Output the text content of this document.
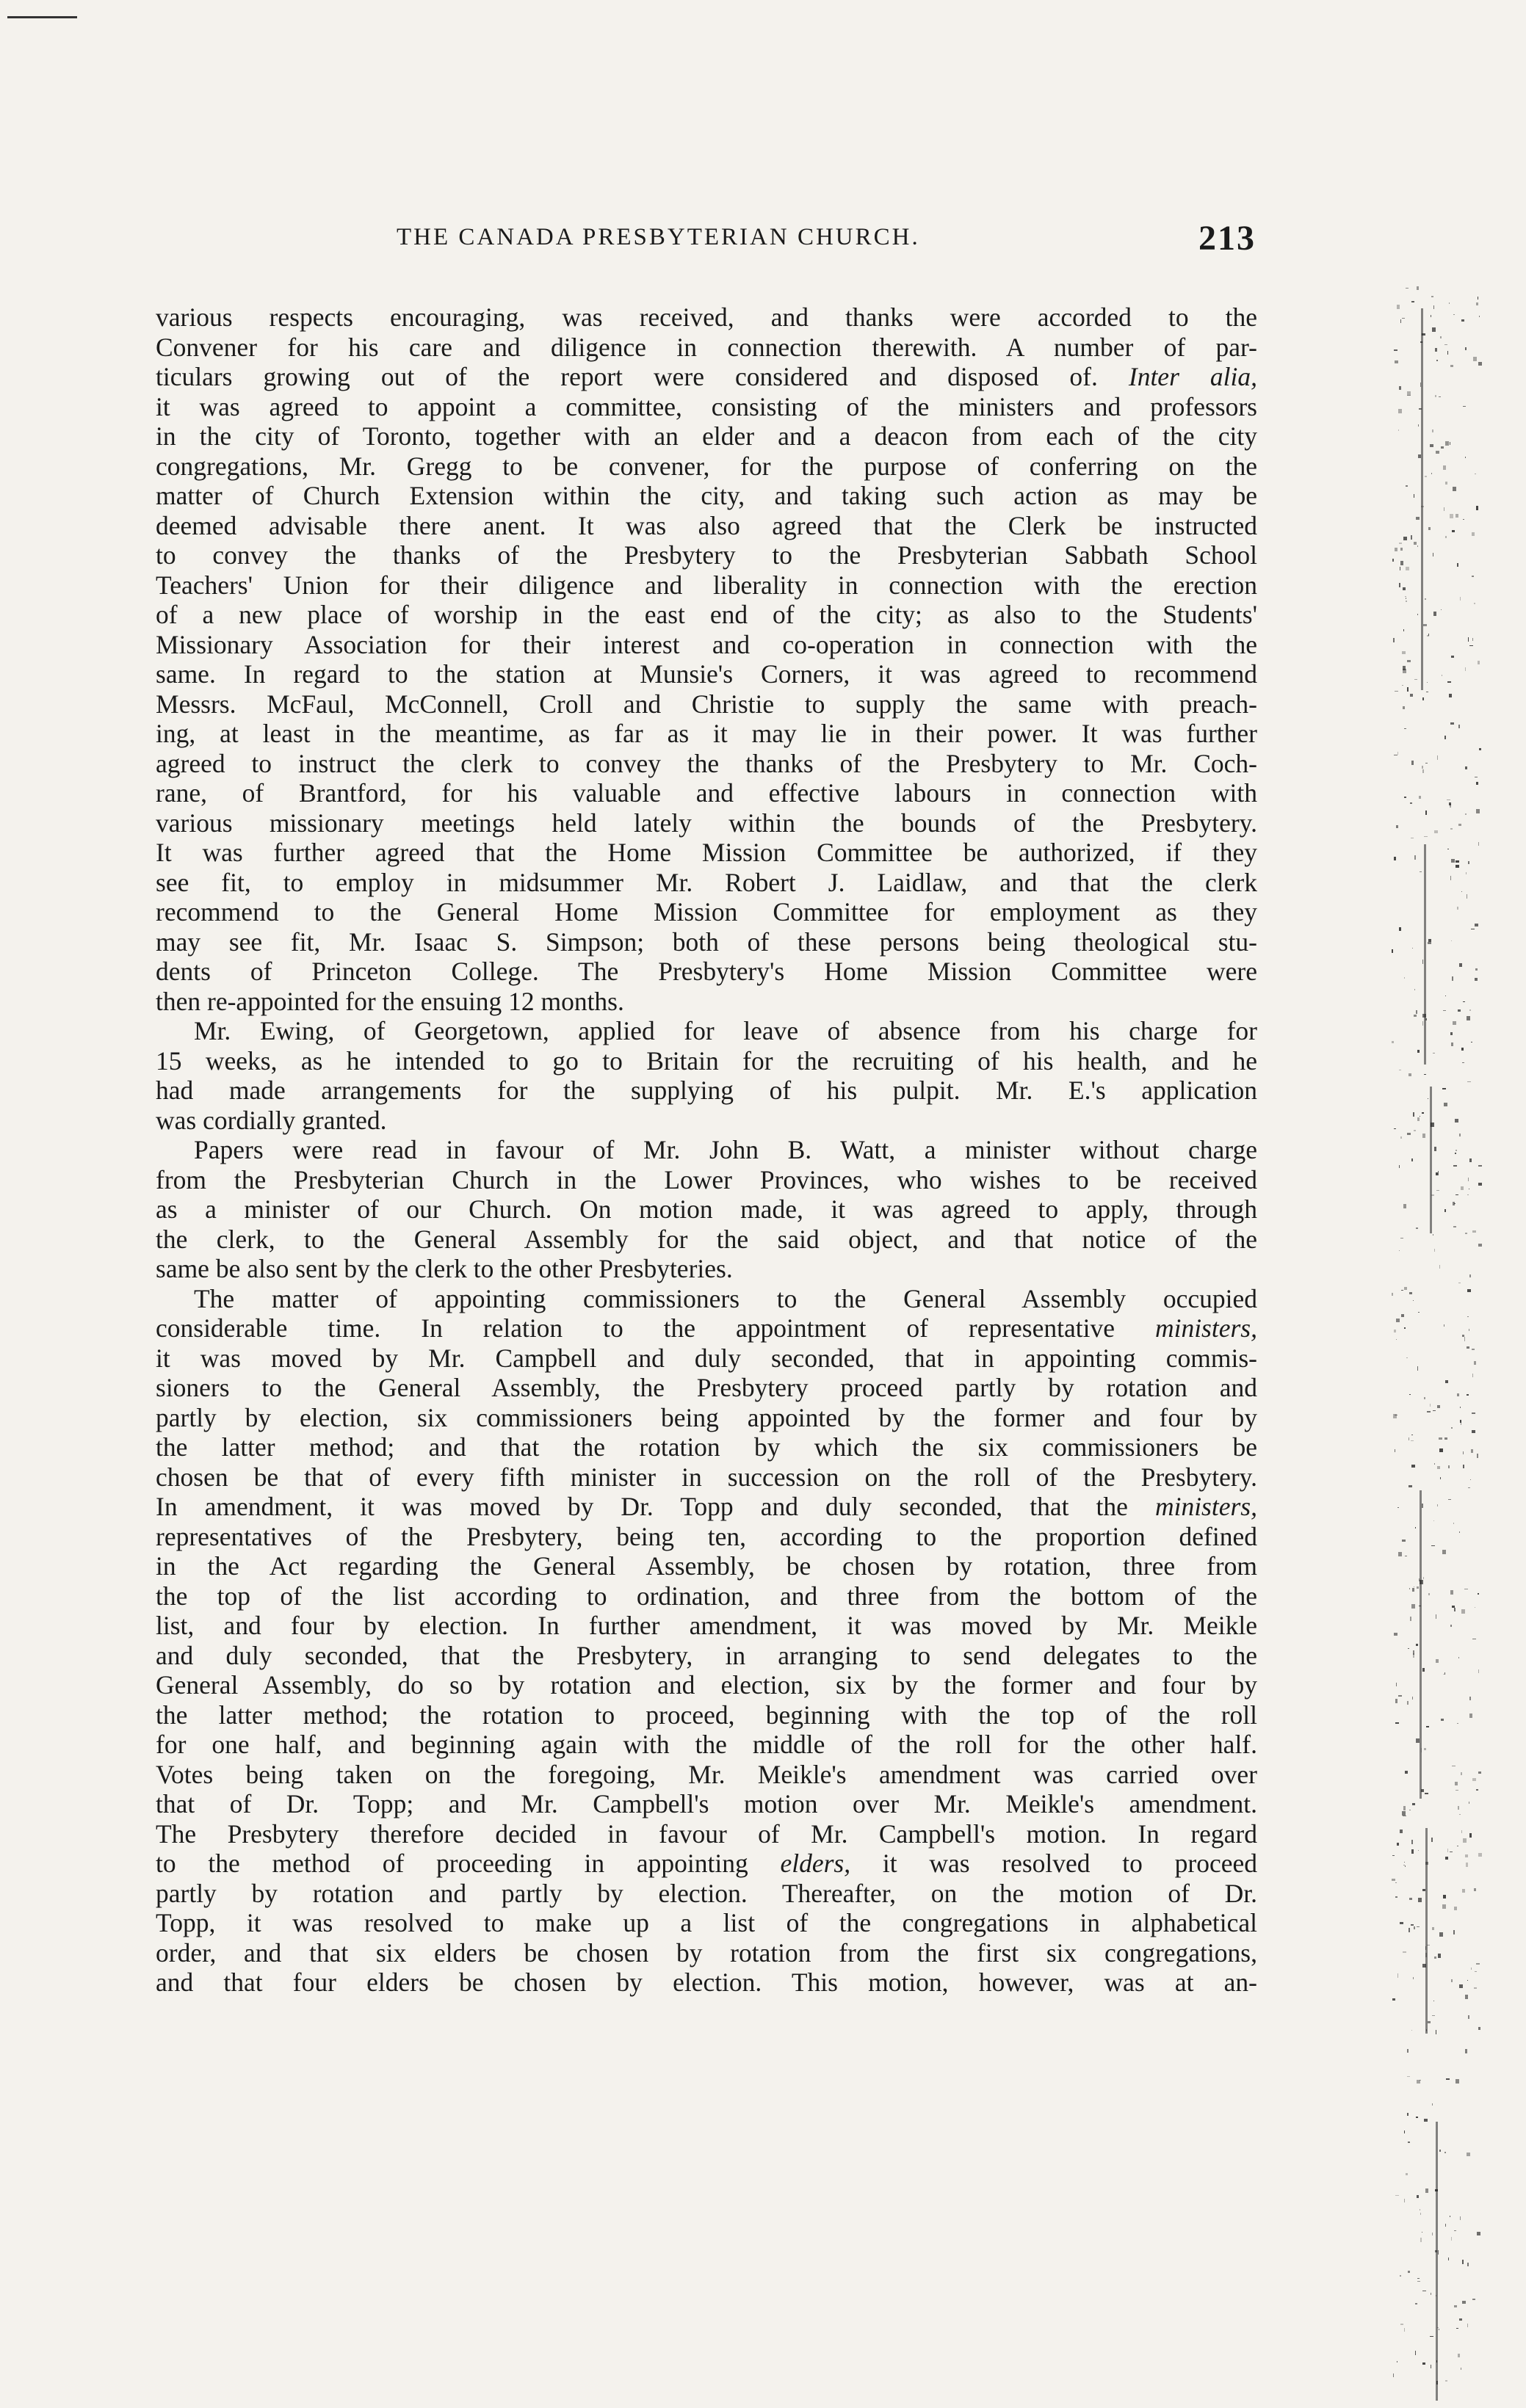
THE CANADA PRESBYTERIAN CHURCH.	213
various respects encouraging, was received, and thanks were accorded to the
Convener for his care and diligence in connection therewith. A number of par-
ticulars growing out of the report were considered and disposed of. Inter alia,
it was agreed to appoint a committee, consisting of the ministers and professors
in the city of Toronto, together with an elder and a deacon from each of the city
congregations, Mr. Gregg to be convener, for the purpose of conferring on the
matter of Church Extension within the city, and taking such action as may be
deemed advisable there anent. It was also agreed that the Clerk be instructed
to convey the thanks of the Presbytery to the Presbyterian Sabbath School
Teachers' Union for their diligence and liberality in connection with the erection
of a new place of worship in the east end of the city; as also to the Students'
Missionary Association for their interest and co-operation in connection with the
same. In regard to the station at Munsie's Corners, it was agreed to recommend
Messrs. McFaul, McConnell, Croll and Christie to supply the same with preach-
ing, at least in the meantime, as far as it may lie in their power. It was further
agreed to instruct the clerk to convey the thanks of the Presbytery to Mr. Coch-
rane, of Brantford, for his valuable and effective labours in connection with
various missionary meetings held lately within the bounds of the Presbytery.
It was further agreed that the Home Mission Committee be authorized, if they
see fit, to employ in midsummer Mr. Robert J. Laidlaw, and that the clerk
recommend to the General Home Mission Committee for employment as they
may see fit, Mr. Isaac S. Simpson; both of these persons being theological stu-
dents of Princeton College. The Presbytery's Home Mission Committee were
then re-appointed for the ensuing 12 months.
Mr. Ewing, of Georgetown, applied for leave of absence from his charge for
15 weeks, as he intended to go to Britain for the recruiting of his health, and he
had made arrangements for the supplying of his pulpit. Mr. E.'s application
was cordially granted.
Papers were read in favour of Mr. John B. Watt, a minister without charge
from the Presbyterian Church in the Lower Provinces, who wishes to be received
as a minister of our Church. On motion made, it was agreed to apply, through
the clerk, to the General Assembly for the said object, and that notice of the
same be also sent by the clerk to the other Presbyteries.
The matter of appointing commissioners to the General Assembly occupied
considerable time. In relation to the appointment of representative ministers,
it was moved by Mr. Campbell and duly seconded, that in appointing commis-
sioners to the General Assembly, the Presbytery proceed partly by rotation and
partly by election, six commissioners being appointed by the former and four by
the latter method; and that the rotation by which the six commissioners be
chosen be that of every fifth minister in succession on the roll of the Presbytery.
In amendment, it was moved by Dr. Topp and duly seconded, that the ministers,
representatives of the Presbytery, being ten, according to the proportion defined
in the Act regarding the General Assembly, be chosen by rotation, three from
the top of the list according to ordination, and three from the bottom of the
list, and four by election. In further amendment, it was moved by Mr. Meikle
and duly seconded, that the Presbytery, in arranging to send delegates to the
General Assembly, do so by rotation and election, six by the former and four by
the latter method; the rotation to proceed, beginning with the top of the roll
for one half, and beginning again with the middle of the roll for the other half.
Votes being taken on the foregoing, Mr. Meikle's amendment was carried over
that of Dr. Topp; and Mr. Campbell's motion over Mr. Meikle's amendment.
The Presbytery therefore decided in favour of Mr. Campbell's motion. In regard
to the method of proceeding in appointing elders, it was resolved to proceed
partly by rotation and partly by election. Thereafter, on the motion of Dr.
Topp, it was resolved to make up a list of the congregations in alphabetical
order, and that six elders be chosen by rotation from the first six congregations,
and that four elders be chosen by election. This motion, however, was at an-
